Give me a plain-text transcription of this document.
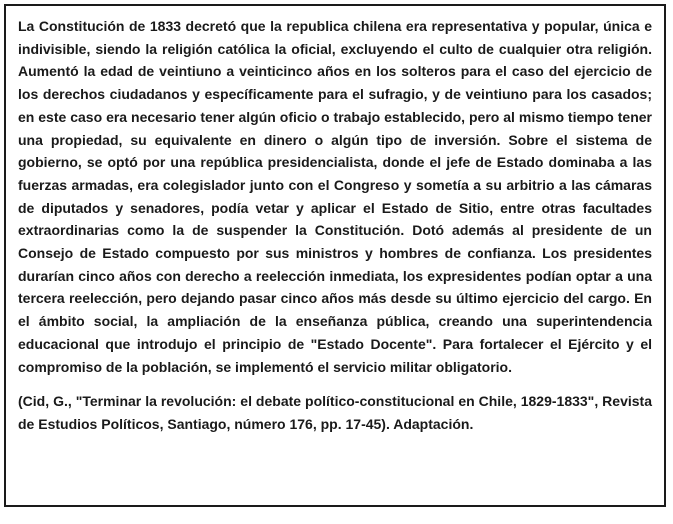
La Constitución de 1833 decretó que la republica chilena era representativa y popular, única e indivisible, siendo la religión católica la oficial, excluyendo el culto de cualquier otra religión. Aumentó la edad de veintiuno a veinticinco años en los solteros para el caso del ejercicio de los derechos ciudadanos y específicamente para el sufragio, y de veintiuno para los casados; en este caso era necesario tener algún oficio o trabajo establecido, pero al mismo tiempo tener una propiedad, su equivalente en dinero o algún tipo de inversión. Sobre el sistema de gobierno, se optó por una república presidencialista, donde el jefe de Estado dominaba a las fuerzas armadas, era colegislador junto con el Congreso y sometía a su arbitrio a las cámaras de diputados y senadores, podía vetar y aplicar el Estado de Sitio, entre otras facultades extraordinarias como la de suspender la Constitución. Dotó además al presidente de un Consejo de Estado compuesto por sus ministros y hombres de confianza. Los presidentes durarían cinco años con derecho a reelección inmediata, los expresidentes podían optar a una tercera reelección, pero dejando pasar cinco años más desde su último ejercicio del cargo. En el ámbito social, la ampliación de la enseñanza pública, creando una superintendencia educacional que introdujo el principio de "Estado Docente". Para fortalecer el Ejército y el compromiso de la población, se implementó el servicio militar obligatorio.

(Cid, G., "Terminar la revolución: el debate político-constitucional en Chile, 1829-1833", Revista de Estudios Políticos, Santiago, número 176, pp. 17-45). Adaptación.
